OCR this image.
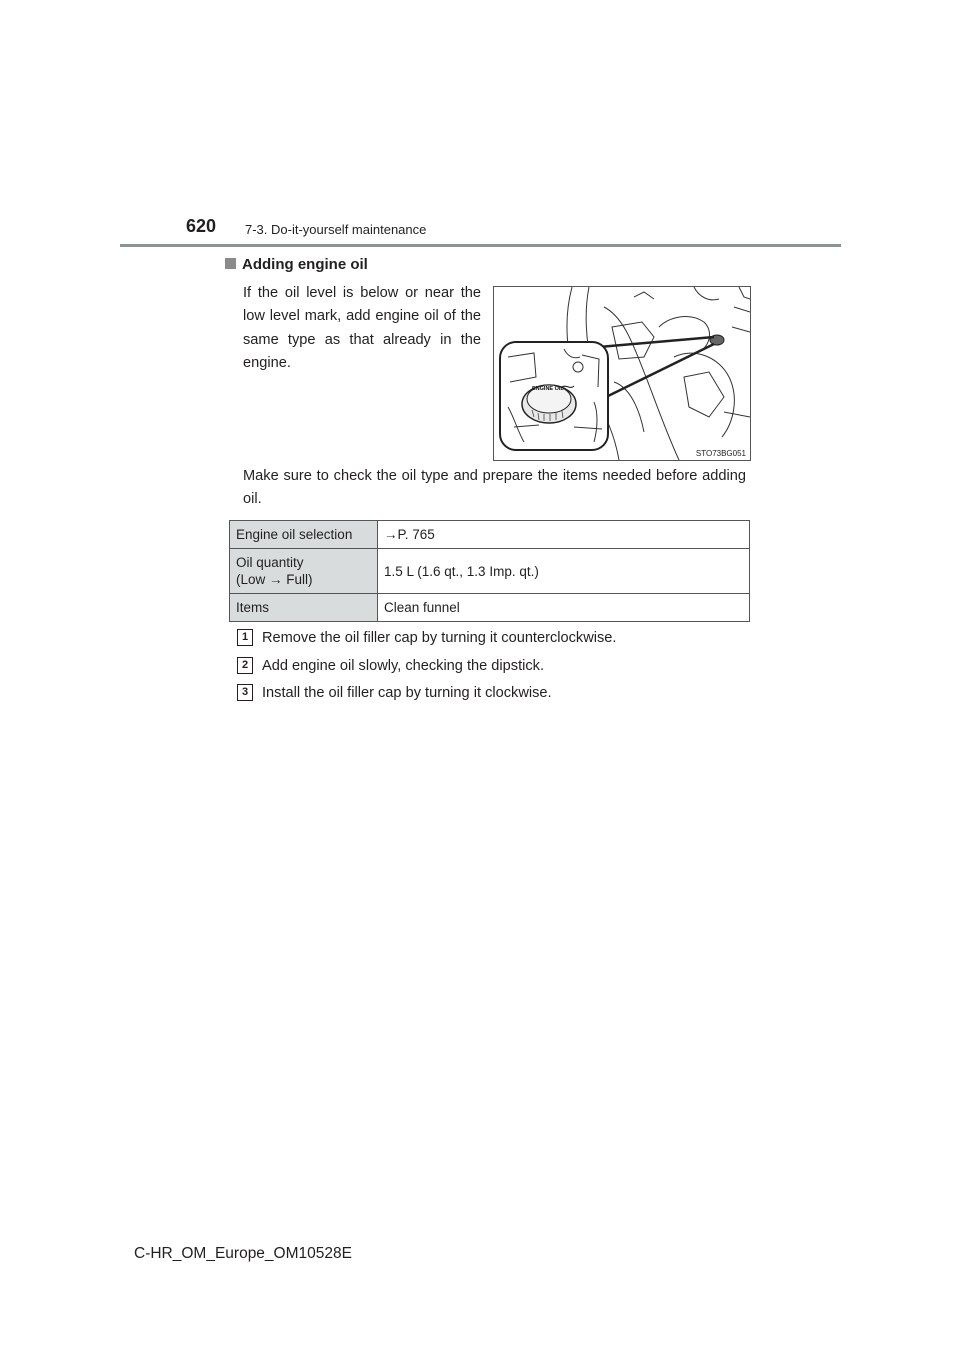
620 7-3. Do-it-yourself maintenance
Adding engine oil
If the oil level is below or near the low level mark, add engine oil of the same type as that already in the engine.
ENGINE OIL
STO73BG051
Make sure to check the oil type and prepare the items needed before adding oil.
Engine oil selection	→P. 765
Oil quantity
(Low → Full)	1.5 L (1.6 qt., 1.3 Imp. qt.)
Items	Clean funnel
1 Remove the oil filler cap by turning it counterclockwise.
2 Add engine oil slowly, checking the dipstick.
3 Install the oil filler cap by turning it clockwise.
C-HR_OM_Europe_OM10528E
